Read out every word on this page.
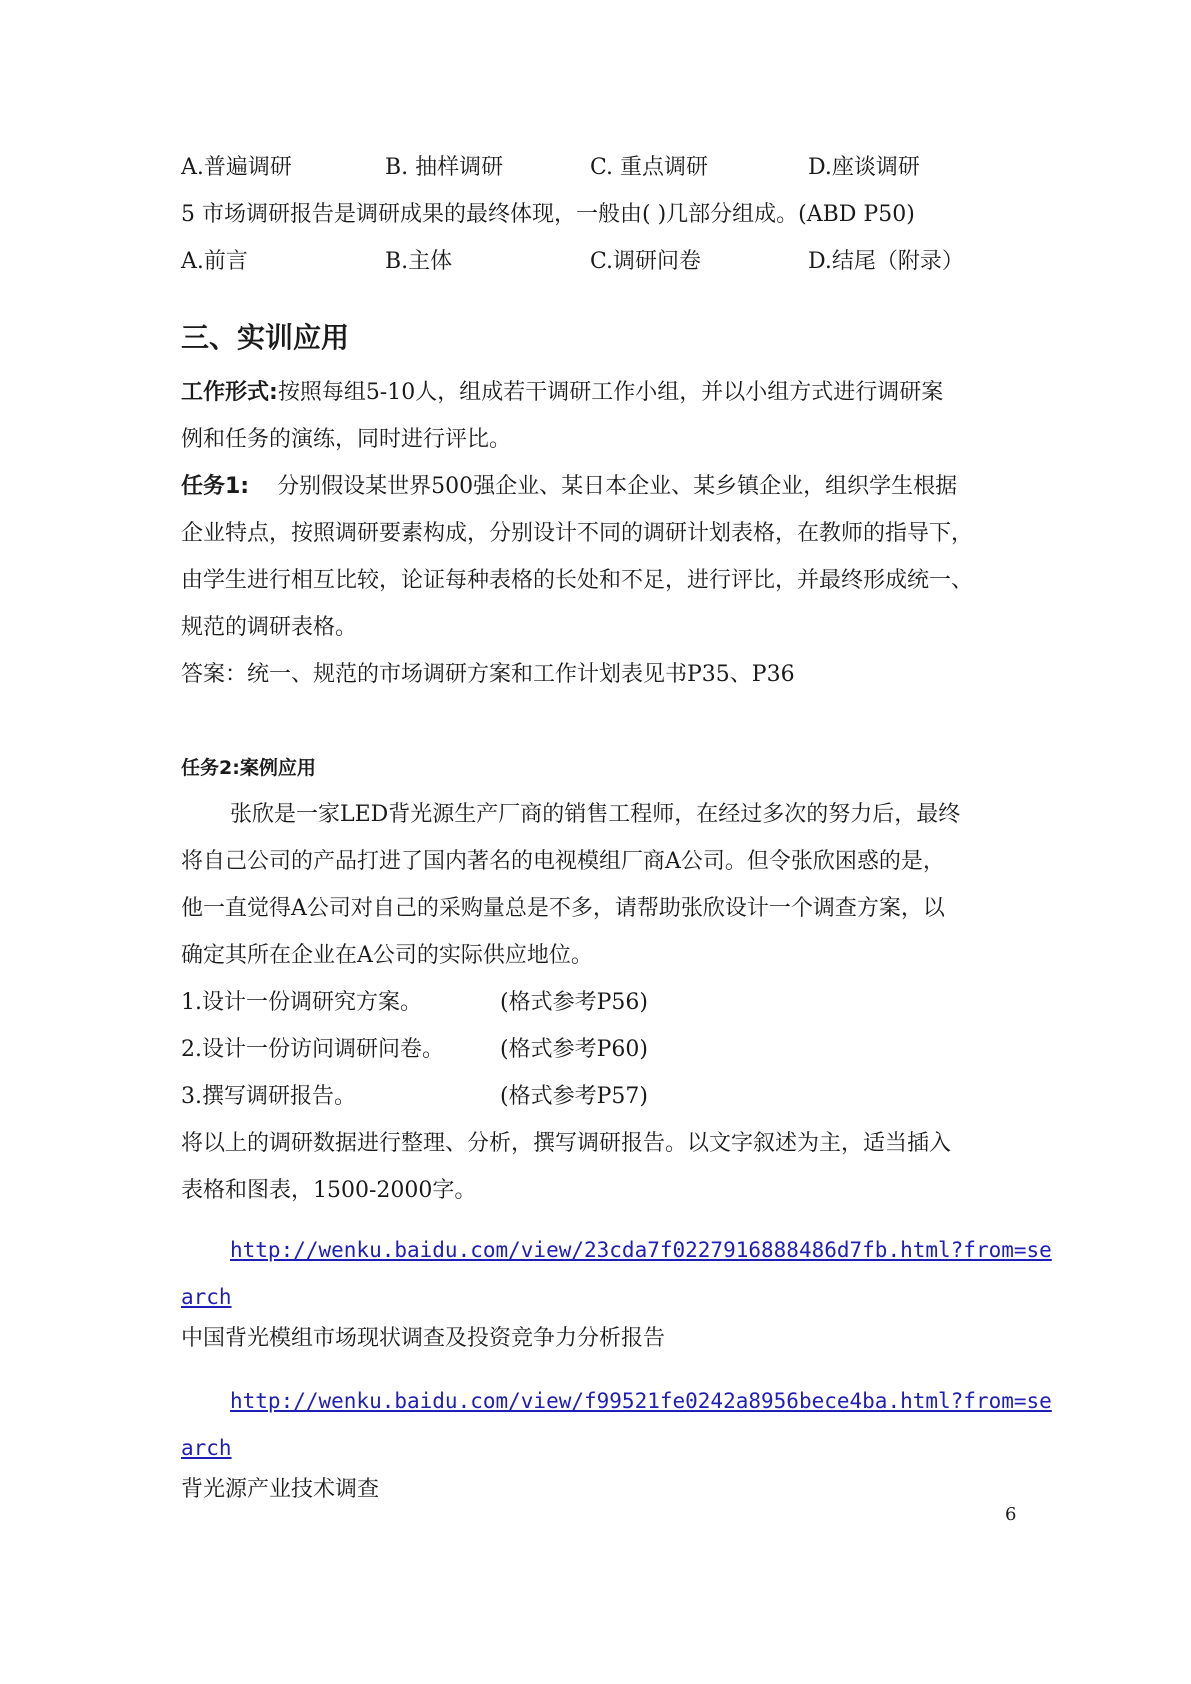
A.普遍调研	B. 抽样调研	C. 重点调研	D.座谈调研
5 市场调研报告是调研成果的最终体现，一般由( )几部分组成。(ABD P50)
A.前言	B.主体	C.调研问卷	D.结尾（附录）
三、实训应用
工作形式:按照每组5-10人，组成若干调研工作小组，并以小组方式进行调研案
例和任务的演练，同时进行评比。
任务1: 分别假设某世界500强企业、某日本企业、某乡镇企业，组织学生根据
企业特点，按照调研要素构成，分别设计不同的调研计划表格，在教师的指导下，
由学生进行相互比较，论证每种表格的长处和不足，进行评比，并最终形成统一、
规范的调研表格。
答案：统一、规范的市场调研方案和工作计划表见书P35、P36
任务2:案例应用
张欣是一家LED背光源生产厂商的销售工程师，在经过多次的努力后，最终
将自己公司的产品打进了国内著名的电视模组厂商A公司。但令张欣困惑的是，
他一直觉得A公司对自己的采购量总是不多，请帮助张欣设计一个调查方案，以
确定其所在企业在A公司的实际供应地位。
1.设计一份调研究方案。	(格式参考P56)
2.设计一份访问调研问卷。	(格式参考P60)
3.撰写调研报告。	(格式参考P57)
将以上的调研数据进行整理、分析，撰写调研报告。以文字叙述为主，适当插入
表格和图表，1500-2000字。
http://wenku.baidu.com/view/23cda7f0227916888486d7fb.html?from=se
arch
中国背光模组市场现状调查及投资竞争力分析报告
http://wenku.baidu.com/view/f99521fe0242a8956bece4ba.html?from=se
arch
背光源产业技术调查
6
